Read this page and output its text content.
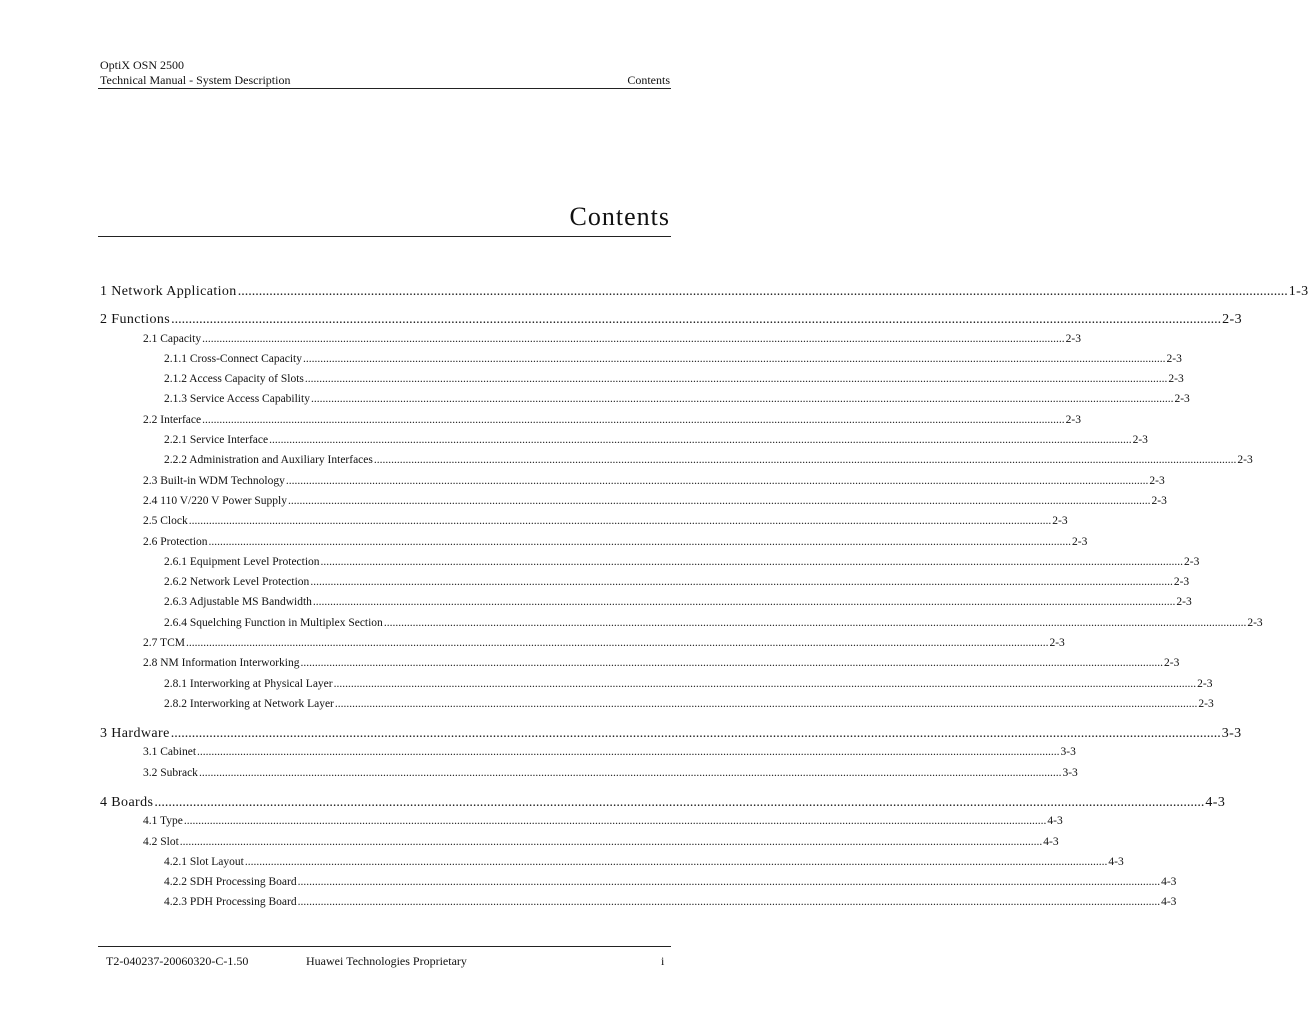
OptiX OSN 2500
Technical Manual - System Description	Contents
Contents
1 Network Application ............................................................................................................................................................................................................................................................................................................ 1-3
2 Functions ............................................................................................................................................................................................................................................................................................................ 2-3
2.1 Capacity ............................................................................................................................................................................................................................................................................................................ 2-3
2.1.1 Cross-Connect Capacity ............................................................................................................................................................................................................................................................................................................ 2-3
2.1.2 Access Capacity of Slots ............................................................................................................................................................................................................................................................................................................ 2-3
2.1.3 Service Access Capability ............................................................................................................................................................................................................................................................................................................ 2-3
2.2 Interface ............................................................................................................................................................................................................................................................................................................ 2-3
2.2.1 Service Interface ............................................................................................................................................................................................................................................................................................................ 2-3
2.2.2 Administration and Auxiliary Interfaces ............................................................................................................................................................................................................................................................................................................ 2-3
2.3 Built-in WDM Technology ............................................................................................................................................................................................................................................................................................................ 2-3
2.4 110 V/220 V Power Supply ............................................................................................................................................................................................................................................................................................................ 2-3
2.5 Clock ............................................................................................................................................................................................................................................................................................................ 2-3
2.6 Protection ............................................................................................................................................................................................................................................................................................................ 2-3
2.6.1 Equipment Level Protection ............................................................................................................................................................................................................................................................................................................ 2-3
2.6.2 Network Level Protection ............................................................................................................................................................................................................................................................................................................ 2-3
2.6.3 Adjustable MS Bandwidth ............................................................................................................................................................................................................................................................................................................ 2-3
2.6.4 Squelching Function in Multiplex Section ............................................................................................................................................................................................................................................................................................................ 2-3
2.7 TCM ............................................................................................................................................................................................................................................................................................................ 2-3
2.8 NM Information Interworking ............................................................................................................................................................................................................................................................................................................ 2-3
2.8.1 Interworking at Physical Layer ............................................................................................................................................................................................................................................................................................................ 2-3
2.8.2 Interworking at Network Layer ............................................................................................................................................................................................................................................................................................................ 2-3
3 Hardware ............................................................................................................................................................................................................................................................................................................ 3-3
3.1 Cabinet ............................................................................................................................................................................................................................................................................................................ 3-3
3.2 Subrack ............................................................................................................................................................................................................................................................................................................ 3-3
4 Boards ............................................................................................................................................................................................................................................................................................................ 4-3
4.1 Type ............................................................................................................................................................................................................................................................................................................ 4-3
4.2 Slot ............................................................................................................................................................................................................................................................................................................ 4-3
4.2.1 Slot Layout ............................................................................................................................................................................................................................................................................................................ 4-3
4.2.2 SDH Processing Board ............................................................................................................................................................................................................................................................................................................ 4-3
4.2.3 PDH Processing Board ............................................................................................................................................................................................................................................................................................................ 4-3
T2-040237-20060320-C-1.50	Huawei Technologies Proprietary	i
